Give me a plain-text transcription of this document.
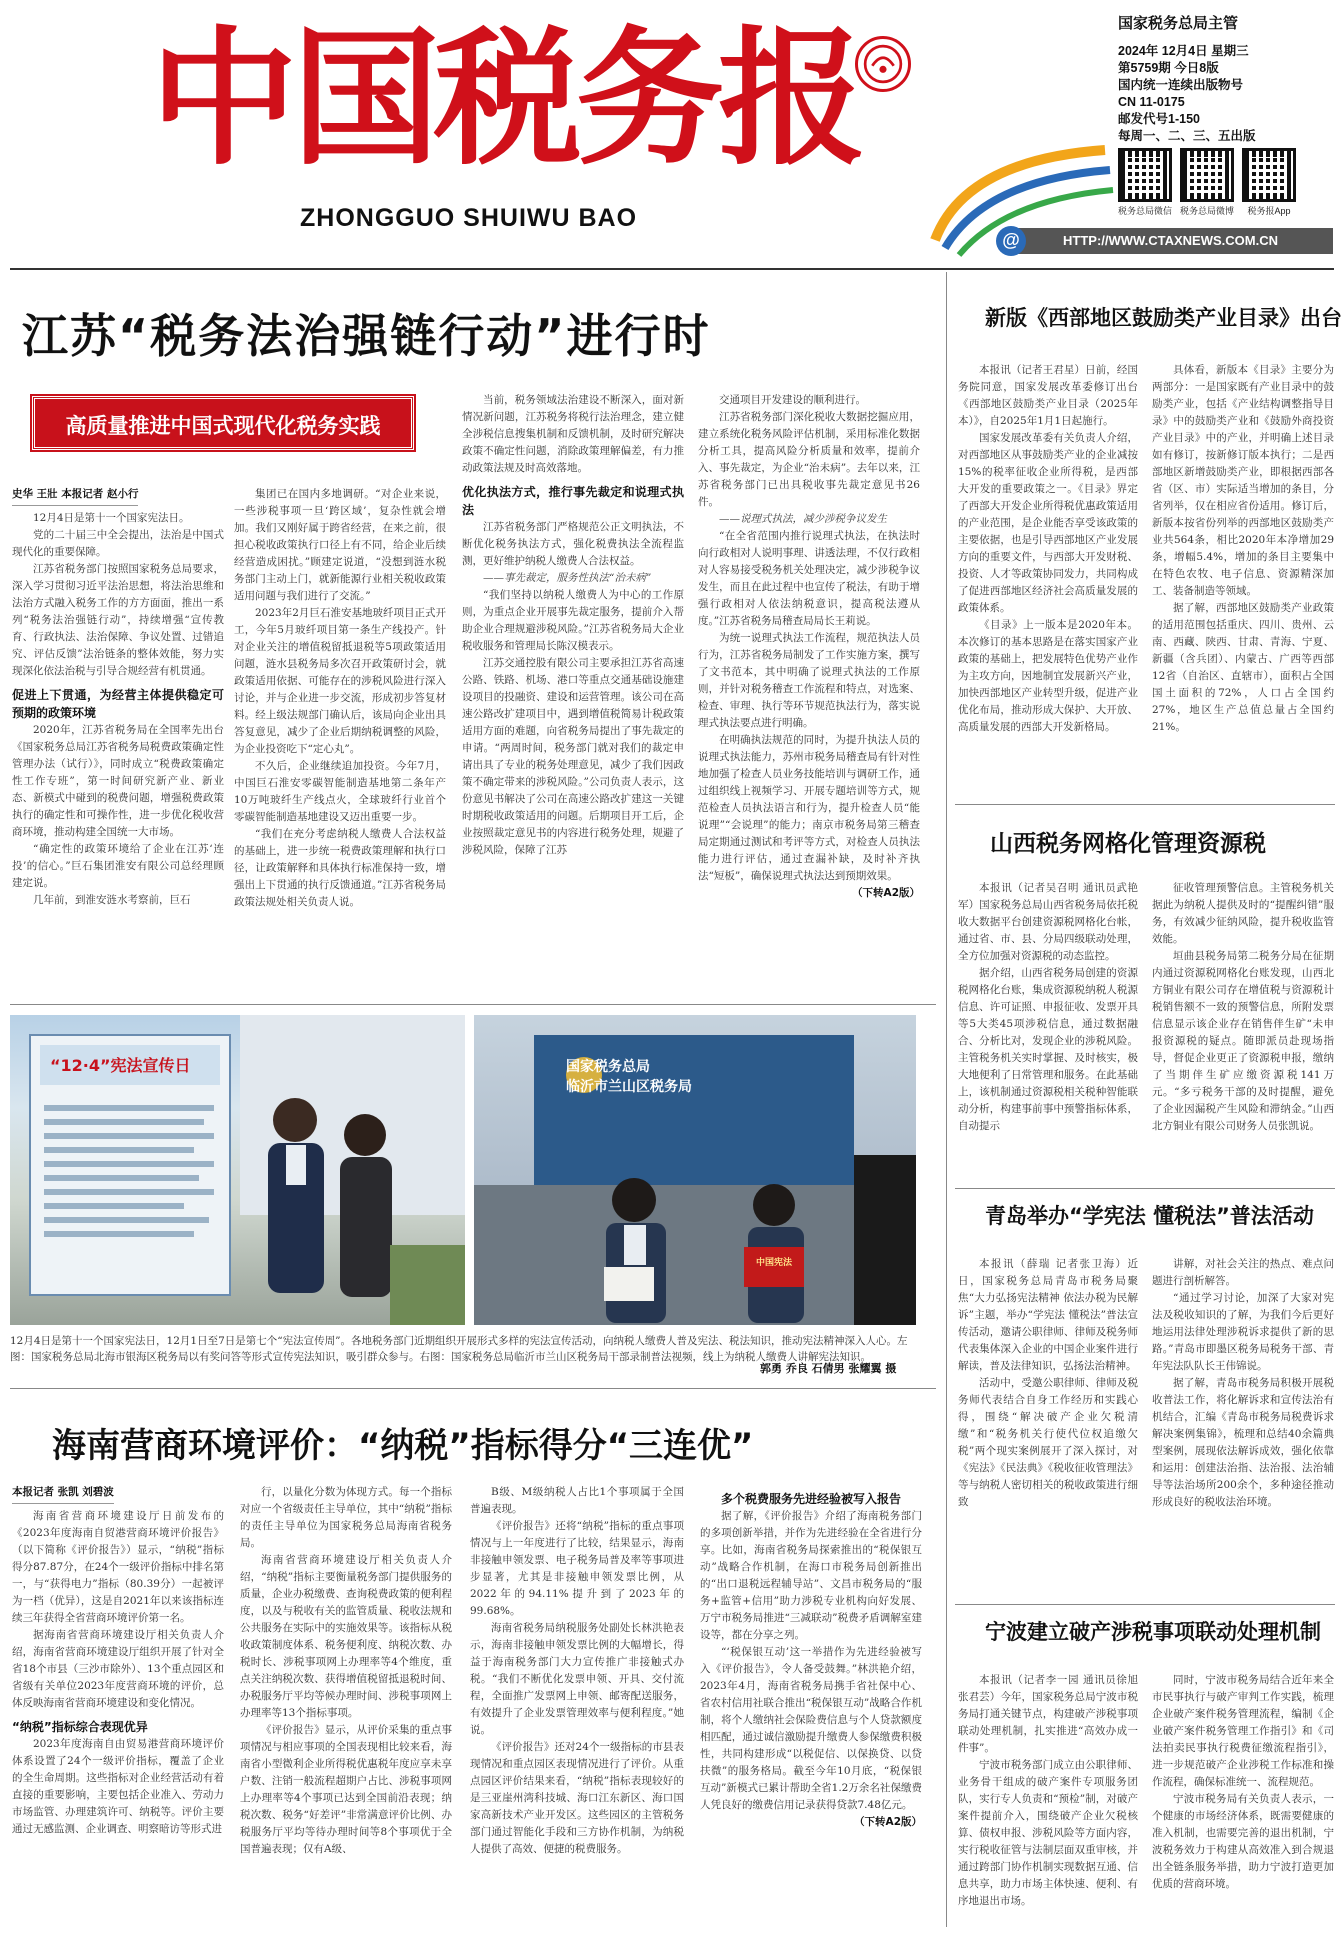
中国税务报
ZHONGGUO SHUIWU BAO
国家税务总局主管
2024年 12月4日 星期三
第5759期 今日8版
国内统一连续出版物号
CN 11-0175
邮发代号1-150
每周一、二、三、五出版
税务总局微信 税务总局微博	税务报App
HTTP://WWW.CTAXNEWS.COM.CN
@
江苏“税务法治强链行动”进行时
高质量推进中国式现代化税务实践
史华 王壯 本报记者 赵小行

12月4日是第十一个国家宪法日。

党的二十届三中全会提出，法治是中国式现代化的重要保障。

江苏省税务部门按照国家税务总局要求，深入学习贯彻习近平法治思想，将法治思维和法治方式融入税务工作的方方面面，推出一系列“税务法治强链行动”，持续增强“宣传教育、行政执法、法治保障、争议处置、过错追究、评估反馈”法治链条的整体效能，努力实现深化依法治税与引导合规经营有机贯通。

促进上下贯通，为经营主体提供稳定可预期的政策环境

2020年，江苏省税务局在全国率先出台《国家税务总局江苏省税务局税费政策确定性管理办法（试行）》，同时成立“税费政策确定性工作专班”，第一时间研究新产业、新业态、新模式中碰到的税费问题，增强税费政策执行的确定性和可操作性，进一步优化税收营商环境，推动构建全国统一大市场。

“确定性的政策环境给了企业在江苏‘连投’的信心。”巨石集团淮安有限公司总经理顾建定说。

几年前，到淮安涟水考察前，巨石

集团已在国内多地调研。“对企业来说，一些涉税事项一旦‘跨区域’，复杂性就会增加。我们又刚好属于跨省经营，在来之前，很担心税收政策执行口径上有不同，给企业后续经营造成困扰。”顾建定说道，“没想到涟水税务部门主动上门，就新能源行业相关税收政策适用问题与我们进行了交流。”

2023年2月巨石淮安基地玻纤项目正式开工，今年5月玻纤项目第一条生产线投产。针对企业关注的增值税留抵退税等5项政策适用问题，涟水县税务局多次召开政策研讨会，就政策适用依据、可能存在的涉税风险进行深入讨论，并与企业进一步交流，形成初步答复材料。经上级法规部门确认后，该局向企业出具答复意见，减少了企业后期纳税调整的风险，为企业投资吃下“定心丸”。

不久后，企业继续追加投资。今年7月，中国巨石淮安零碳智能制造基地第二条年产10万吨玻纤生产线点火，全球玻纤行业首个零碳智能制造基地建设又迈出重要一步。

“我们在充分考虑纳税人缴费人合法权益的基础上，进一步统一税费政策理解和执行口径，让政策解释和具体执行标准保持一致，增强出上下贯通的执行反馈通道。”江苏省税务局政策法规处相关负责人说。

当前，税务领域法治建设不断深入，面对新情况新问题，江苏税务将税行法治理念，建立健全涉税信息搜集机制和反馈机制，及时研究解决政策不确定性问题，消除政策理解偏差，有力推动政策法规及时高效落地。

优化执法方式，推行事先裁定和说理式执法

江苏省税务部门严格规范公正文明执法，不断优化税务执法方式，强化税费执法全流程监测，更好维护纳税人缴费人合法权益。

——事先裁定，服务性执法“治未病”

“我们坚持以纳税人缴费人为中心的工作原则，为重点企业开展事先裁定服务，提前介入帮助企业合理规避涉税风险。”江苏省税务局大企业税收服务和管理局长陈汉模表示。

江苏交通控股有限公司主要承担江苏省高速公路、铁路、机场、港口等重点交通基础设施建设项目的投融资、建设和运营管理。该公司在高速公路改扩建项目中，遇到增值税简易计税政策适用方面的难题，向省税务局提出了事先裁定的申请。“两周时间，税务部门就对我们的裁定申请出具了专业的税务处理意见，减少了我们因政策不确定带来的涉税风险。”公司负责人表示，这份意见书解决了公司在高速公路改扩建这一关键时期税收政策适用的问题。后期项目开工后，企业按照裁定意见书的内容进行税务处理，规避了涉税风险，保障了江苏

交通项目开发建设的顺利进行。

江苏省税务部门深化税收大数据挖掘应用，建立系统化税务风险评估机制，采用标准化数据分析工具，提高风险分析质量和效率，提前介入、事先裁定，为企业“治未病”。去年以来，江苏省税务部门已出具税收事先裁定意见书26件。

——说理式执法，减少涉税争议发生

“在全省范围内推行说理式执法，在执法时向行政相对人说明事理、讲透法理，不仅行政相对人容易接受税务机关处理决定，减少涉税争议发生，而且在此过程中也宣传了税法，有助于增强行政相对人依法纳税意识，提高税法遵从度。”江苏省税务局稽查局局长王莉说。

为统一说理式执法工作流程，规范执法人员行为，江苏省税务局制发了工作实施方案，撰写了文书范本，其中明确了说理式执法的工作原则，并针对税务稽查工作流程和特点，对选案、检查、审理、执行等环节规范执法行为，落实说理式执法要点进行明确。

在明确执法规范的同时，为提升执法人员的说理式执法能力，苏州市税务局稽查局有针对性地加强了检查人员业务技能培训与调研工作，通过组织线上视频学习、开展专题培训等方式，规范检查人员执法语言和行为，提升检查人员“能说理”“会说理”的能力；南京市税务局第三稽查局定期通过测试和考评等方式，对检查人员执法能力进行评估，通过查漏补缺，及时补齐执法“短板”，确保说理式执法达到预期效果。

（下转A2版）

“12·4”宪法宣传日	国家税务总局
临沂市兰山区税务局
中国宪法
12月4日是第十一个国家宪法日，12月1日至7日是第七个“宪法宣传周”。各地税务部门近期组织开展形式多样的宪法宣传活动，向纳税人缴费人普及宪法、税法知识，推动宪法精神深入人心。左图：国家税务总局北海市银海区税务局以有奖问答等形式宣传宪法知识，吸引群众参与。右图：国家税务总局临沂市兰山区税务局干部录制普法视频，线上为纳税人缴费人讲解宪法知识。
郭勇 乔良 石倩男 张耀翼 摄
海南营商环境评价：“纳税”指标得分“三连优”
本报记者 张凯 刘碧波

海南省营商环境建设厅日前发布的《2023年度海南自贸港营商环境评价报告》（以下简称《评价报告》）显示，“纳税”指标得分87.87分，在24个一级评价指标中排名第一，与“获得电力”指标（80.39分）一起被评为一档（优异），这是自2021年以来该指标连续三年获得全省营商环境评价第一名。

据海南省营商环境建设厅相关负责人介绍，海南省营商环境建设厅组织开展了针对全省18个市县（三沙市除外）、13个重点园区和省级有关单位2023年度营商环境的评价，总体反映海南省营商环境建设和变化情况。

“纳税”指标综合表现优异

2023年度海南自由贸易港营商环境评价体系设置了24个一级评价指标，覆盖了企业的全生命周期。这些指标对企业经营活动有着直接的重要影响，主要包括企业准入、劳动力市场监管、办理建筑许可、纳税等。评价主要通过无感监测、企业调查、明察暗访等形式进

行，以量化分数为体现方式。每一个指标对应一个省级责任主导单位，其中“纳税”指标的责任主导单位为国家税务总局海南省税务局。

海南省营商环境建设厅相关负责人介绍，“纳税”指标主要衡量税务部门提供服务的质量，企业办税缴费、查询税费政策的便利程度，以及与税收有关的监管质量、税收法规和公共服务在实际中的实施效果等。该指标从税收政策制度体系、税务便利度、纳税次数、办税时长、涉税事项网上办理率等4个维度，重点关注纳税次数、获得增值税留抵退税时间、办税服务厅平均等候办理时间、涉税事项网上办理率等13个指标事项。

《评价报告》显示，从评价采集的重点事项情况与相应事项的全国表现相比较来看，海南省小型微利企业所得税优惠税年度应享未享户数、注销一般流程超期户占比、涉税事项网上办理率等4个事项已达到全国前沿表现；纳税次数、税务“好差评”非常满意评价比例、办税服务厅平均等待办理时间等8个事项优于全国普遍表现；仅有A级、

B级、M级纳税人占比1个事项属于全国普遍表现。

《评价报告》还将“纳税”指标的重点事项情况与上一年度进行了比较，结果显示，海南非接触申领发票、电子税务局普及率等事项进步显著，尤其是非接触申领发票比例，从2022年的94.11%提升到了2023年的99.68%。

海南省税务局纳税服务处副处长林洪艳表示，海南非接触申领发票比例的大幅增长，得益于海南税务部门大力宣传推广非接触式办税。“我们不断优化发票申领、开具、交付流程，全面推广发票网上申领、邮寄配送服务，有效提升了企业发票管理效率与便利程度。”她说。

《评价报告》还对24个一级指标的市县表现情况和重点园区表现情况进行了评价。从重点园区评价结果来看，“纳税”指标表现较好的是三亚崖州湾科技城、海口江东新区、海口国家高新技术产业开发区。这些园区的主管税务部门通过智能化手段和三方协作机制，为纳税人提供了高效、便捷的税费服务。

多个税费服务先进经验被写入报告

据了解，《评价报告》介绍了海南税务部门的多项创新举措，并作为先进经验在全省进行分享。比如，海南省税务局探索推出的“税保银互动”战略合作机制，在海口市税务局创新推出的“出口退税远程辅导站”、文昌市税务局的“服务+监管+信用”助力涉税专业机构向好发展、万宁市税务局推进“三减联动”税费矛盾调解室建设等，都在分享之列。

“‘税保银互动’这一举措作为先进经验被写入《评价报告》，令人备受鼓舞。”林洪艳介绍，2023年4月，海南省税务局携手省社保中心、省农村信用社联合推出“税保银互动”战略合作机制，将个人缴纳社会保险费信息与个人贷款额度相匹配，通过诚信激励提升缴费人参保缴费积极性，共同构建形成“以税促信、以保换贷、以贷扶微”的服务格局。截至今年10月底，“税保银互动”新模式已累计帮助全省1.2万余名社保缴费人凭良好的缴费信用记录获得贷款7.48亿元。

（下转A2版）

新版《西部地区鼓励类产业目录》出台

本报讯（记者王君星）日前，经国务院同意，国家发展改革委修订出台《西部地区鼓励类产业目录（2025年本）》，自2025年1月1日起施行。

国家发展改革委有关负责人介绍，对西部地区从事鼓励类产业的企业减按15%的税率征收企业所得税，是西部大开发的重要政策之一。《目录》界定了西部大开发企业所得税优惠政策适用的产业范围，是企业能否享受该政策的主要依据，也是引导西部地区产业发展方向的重要文件，与西部大开发财税、投资、人才等政策协同发力，共同构成了促进西部地区经济社会高质量发展的政策体系。

《目录》上一版本是2020年本。本次修订的基本思路是在落实国家产业政策的基础上，把发展特色优势产业作为主攻方向，因地制宜发展新兴产业，加快西部地区产业转型升级，促进产业优化布局，推动形成大保护、大开放、高质量发展的西部大开发新格局。

具体看，新版本《目录》主要分为两部分：一是国家既有产业目录中的鼓励类产业，包括《产业结构调整指导目录》中的鼓励类产业和《鼓励外商投资产业目录》中的产业，并明确上述目录如有修订，按新修订版本执行；二是西部地区新增鼓励类产业，即根据西部各省（区、市）实际适当增加的条目，分省列举，仅在相应省份适用。修订后，新版本按省份列举的西部地区鼓励类产业共564条，相比2020年本净增加29条，增幅5.4%，增加的条目主要集中在特色农牧、电子信息、资源精深加工、装备制造等领域。

据了解，西部地区鼓励类产业政策的适用范围包括重庆、四川、贵州、云南、西藏、陕西、甘肃、青海、宁夏、新疆（含兵团）、内蒙古、广西等西部12省（自治区、直辖市），面积占全国国土面积的72%，人口占全国约27%，地区生产总值总量占全国约21%。

山西税务网格化管理资源税

本报讯（记者吴召明 通讯员武艳军）国家税务总局山西省税务局依托税收大数据平台创建资源税网格化台帐，通过省、市、县、分局四级联动处理，全方位加强对资源税的动态监控。

据介绍，山西省税务局创建的资源税网格化台账，集成资源税纳税人税源信息、许可证照、申报征收、发票开具等5大类45项涉税信息，通过数据融合、分析比对，发现企业的涉税风险。主管税务机关实时掌握、及时核实，极大地便利了日常管理和服务。在此基础上，该机制通过资源税相关税种智能联动分析，构建事前事中预警指标体系，自动提示

征收管理预警信息。主管税务机关据此为纳税人提供及时的“提醒纠错”服务，有效减少征纳风险，提升税收监管效能。

垣曲县税务局第二税务分局在征期内通过资源税网格化台账发现，山西北方铜业有限公司存在增值税与资源税计税销售额不一致的预警信息，所附发票信息显示该企业存在销售伴生矿“未申报资源税的疑点。随即派员赴现场指导，督促企业更正了资源税申报，缴纳了当期伴生矿应缴资源税141万元。“多亏税务干部的及时提醒，避免了企业因漏税产生风险和滞纳金。”山西北方铜业有限公司财务人员张凯说。

青岛举办“学宪法 懂税法”普法活动

本报讯（薛瑞 记者张卫海）近日，国家税务总局青岛市税务局聚焦“大力弘扬宪法精神 依法办税为民解诉”主题，举办“学宪法 懂税法”普法宣传活动，邀请公职律师、律师及税务师代表集体深入企业的中国企业案件进行解读，普及法律知识，弘扬法治精神。

活动中，受邀公职律师、律师及税务师代表结合自身工作经历和实践心得，围绕“解决破产企业欠税清缴”和“税务机关行使代位权追缴欠税”两个现实案例展开了深入探讨，对《宪法》《民法典》《税收征收管理法》等与纳税人密切相关的税收政策进行细致

讲解，对社会关注的热点、难点问题进行剖析解答。

“通过学习讨论，加深了大家对宪法及税收知识的了解，为我们今后更好地运用法律处理涉税诉求提供了新的思路。”青岛市即墨区税务局税务干部、青年宪法队队长王伟锦说。

据了解，青岛市税务局积极开展税收普法工作，将化解诉求和宣传法治有机结合，汇编《青岛市税务局税费诉求解决案例集锦》，梳理和总结40余篇典型案例，展现依法解诉成效，强化依靠和运用：创建法治指、法治报、法治辅导等法治场所200余个，多种途径推动形成良好的税收法治环境。

宁波建立破产涉税事项联动处理机制

本报讯（记者李一园 通讯员徐旭 张君芸）今年，国家税务总局宁波市税务局打通关键节点，构建破产涉税事项联动处理机制，扎实推进“高效办成一件事”。

宁波市税务部门成立由公职律师、业务骨干组成的破产案件专项服务团队，实行专人负责和“预检”制，对破产案件提前介入，围绕破产企业欠税核算、债权申报、涉税风险等方面内容，实行税收征管与法制层面双重审核，并通过跨部门协作机制实现数据互通、信息共享，助力市场主体快速、便利、有序地退出市场。

同时，宁波市税务局结合近年来全市民事执行与破产审判工作实践，梳理企业破产案件税务管理流程，编制《企业破产案件税务管理工作指引》和《司法拍卖民事执行税费征缴流程指引》，进一步规范破产企业涉税工作标准和操作流程，确保标准统一、流程规范。

宁波市税务局有关负责人表示，一个健康的市场经济体系，既需要健康的准入机制，也需要完善的退出机制，宁波税务效力于构建从高效准入到合规退出全链条服务举措，助力宁波打造更加优质的营商环境。
